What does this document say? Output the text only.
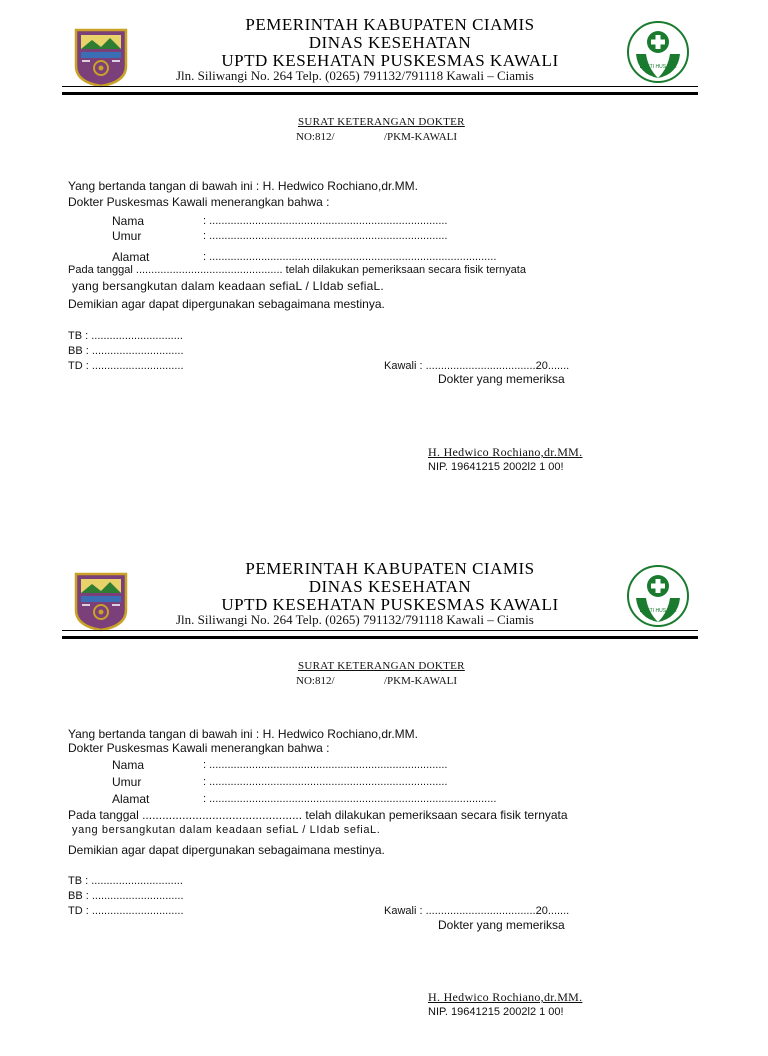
PEMERINTAH KABUPATEN CIAMIS
DINAS KESEHATAN
UPTD KESEHATAN PUSKESMAS KAWALI
Jln. Siliwangi No. 264 Telp. (0265) 791132/791118 Kawali – Ciamis
BAKTI HUSADA
SURAT KETERANGAN DOKTER
NO:812/	/PKM-KAWALI
Yang bertanda tangan di bawah ini : H. Hedwico Rochiano,dr.MM.
Dokter Puskesmas Kawali menerangkan bahwa :
Nama	: ..............................................................................
Umur	: ..............................................................................
Alamat	: ..............................................................................................
Pada tanggal ................................................ telah dilakukan pemeriksaan secara fisik ternyata
yang bersangkutan dalam keadaan sefiaL / LIdab sefiaL.
Demikian agar dapat dipergunakan sebagaimana mestinya.
TB : ..............................
BB : ..............................
TD : ..............................	Kawali : ....................................20.......
Dokter yang memeriksa
H. Hedwico Rochiano,dr.MM.
NIP. 19641215 2002l2 1 00!
PEMERINTAH KABUPATEN CIAMIS
DINAS KESEHATAN
UPTD KESEHATAN PUSKESMAS KAWALI
Jln. Siliwangi No. 264 Telp. (0265) 791132/791118 Kawali – Ciamis
BAKTI HUSADA
SURAT KETERANGAN DOKTER
NO:812/	/PKM-KAWALI
Yang bertanda tangan di bawah ini : H. Hedwico Rochiano,dr.MM.
Dokter Puskesmas Kawali menerangkan bahwa :
Nama	: ..............................................................................
Umur	: ..............................................................................
Alamat	: ..............................................................................................
Pada tanggal ................................................ telah dilakukan pemeriksaan secara fisik ternyata
yang bersangkutan dalam keadaan sefiaL / LIdab sefiaL.
Demikian agar dapat dipergunakan sebagaimana mestinya.
TB : ..............................
BB : ..............................
TD : ..............................	Kawali : ....................................20.......
Dokter yang memeriksa
H. Hedwico Rochiano,dr.MM.
NIP. 19641215 2002l2 1 00!
